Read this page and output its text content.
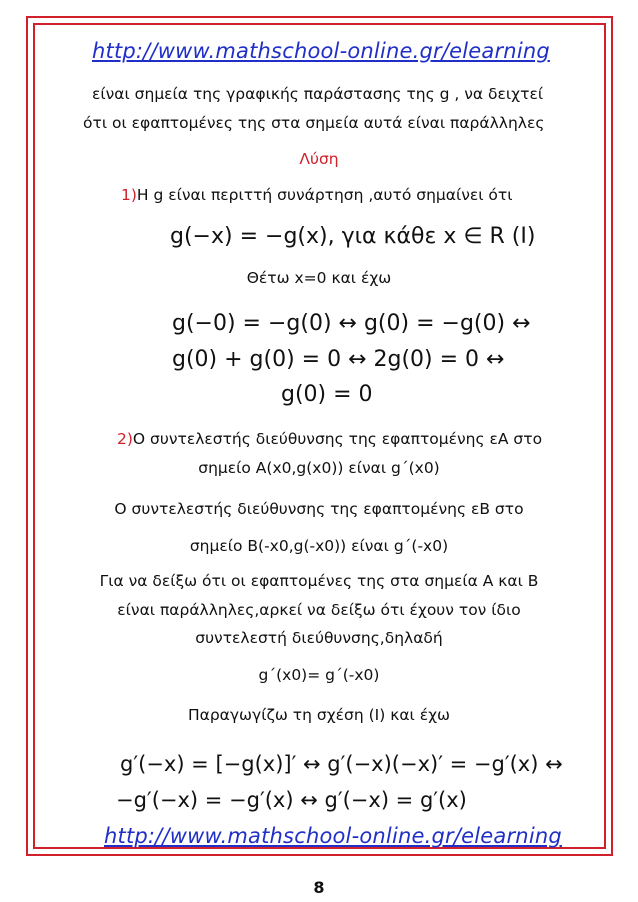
http://www.mathschool-online.gr/elearning
είναι σημεία της γραφικής παράστασης της g , να δειχτεί
ότι οι εφαπτομένες της στα σημεία αυτά είναι παράλληλες
Λύση
1)Η g είναι περιττή συνάρτηση ,αυτό σημαίνει ότι
g(−x) = −g(x), για κάθε x ∈ R (Ι)
Θέτω x=0 και έχω
g(−0) = −g(0) ↔ g(0) = −g(0) ↔
g(0) + g(0) = 0 ↔ 2g(0) = 0 ↔
g(0) = 0
2)Ο συντελεστής διεύθυνσης της εφαπτομένης εA στο
σημείο A(x0,g(x0)) είναι g΄(x0)
Ο συντελεστής διεύθυνσης της εφαπτομένης εB στο
σημείο B(-x0,g(-x0)) είναι g΄(-x0)
Για να δείξω ότι οι εφαπτομένες της στα σημεία A και B
είναι παράλληλες,αρκεί να δείξω ότι έχουν τον ίδιο
συντελεστή διεύθυνσης,δηλαδή
g΄(x0)= g΄(-x0)
Παραγωγίζω τη σχέση (Ι) και έχω
g′(−x) = [−g(x)]′ ↔ g′(−x)(−x)′ = −g′(x) ↔
−g′(−x) = −g′(x) ↔ g′(−x) = g′(x)
http://www.mathschool-online.gr/elearning
8
